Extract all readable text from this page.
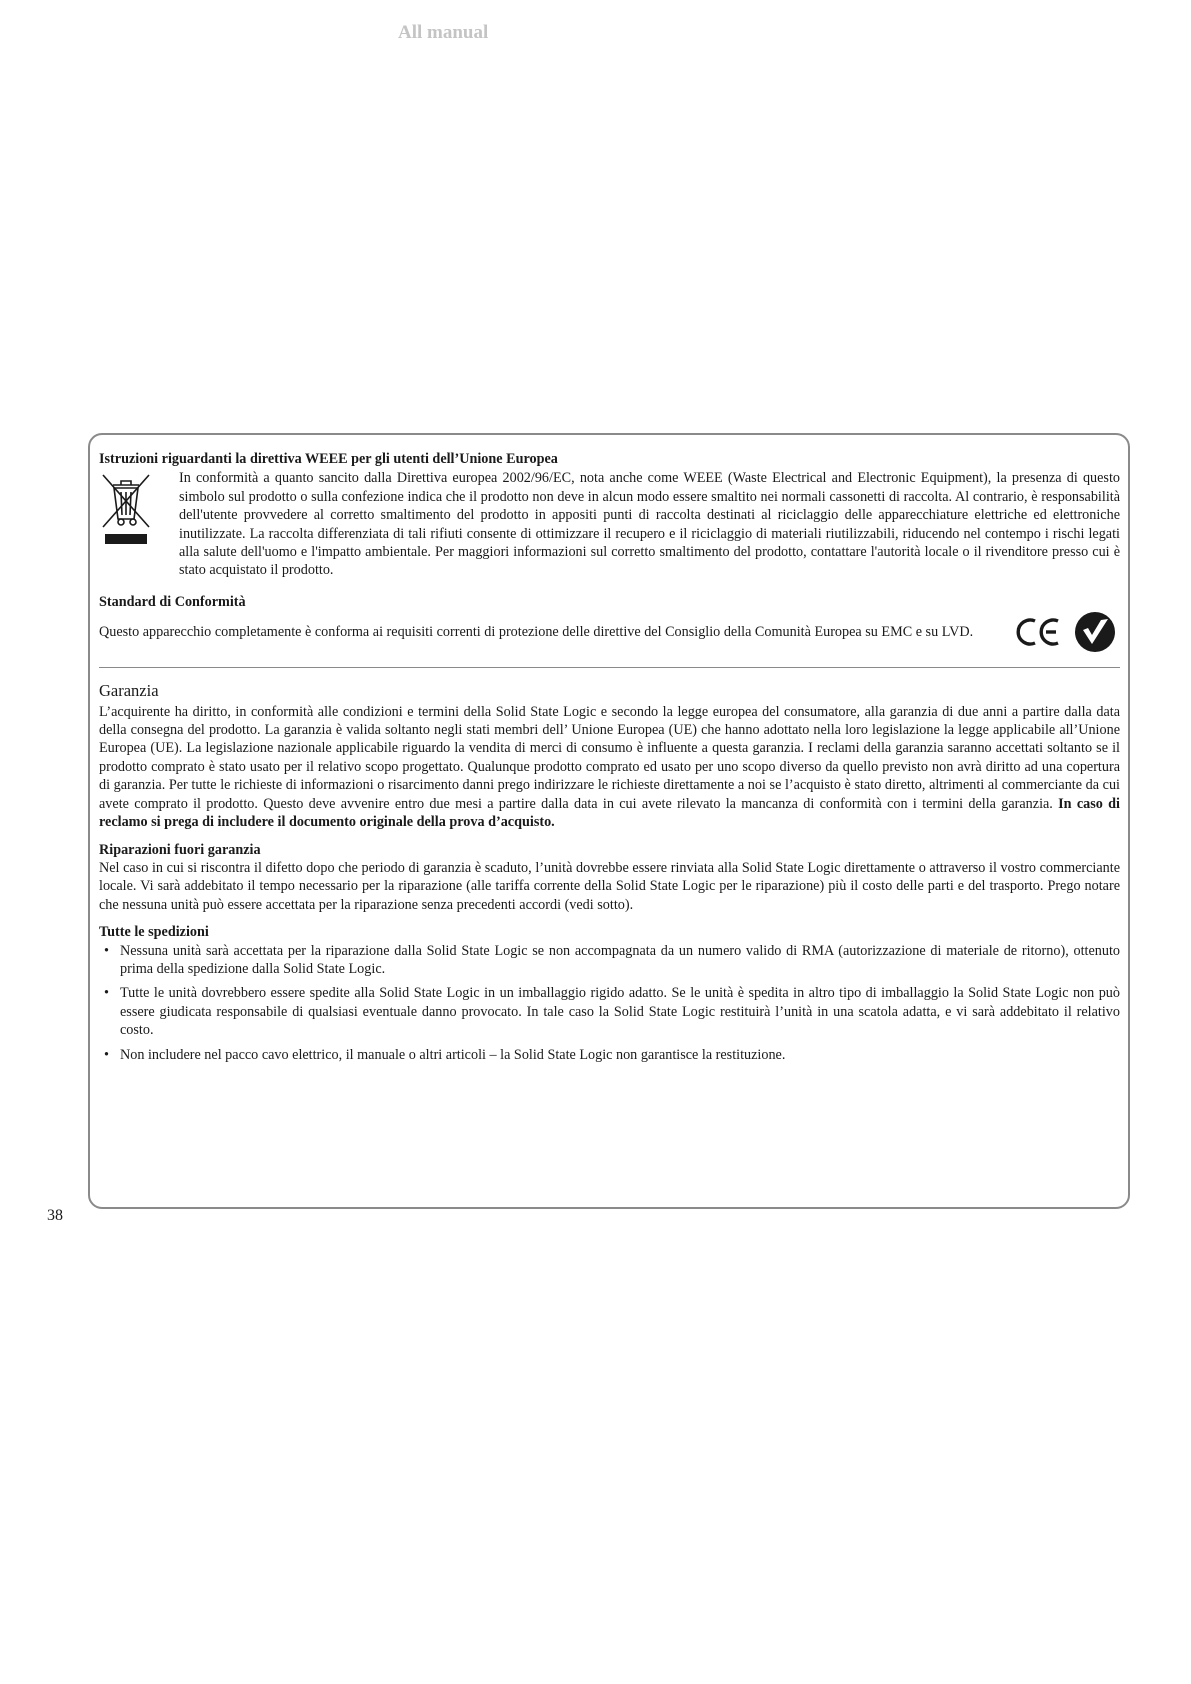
All manual

Istruzioni riguardanti la direttiva WEEE per gli utenti dell’Unione Europea

In conformità a quanto sancito dalla Direttiva europea 2002/96/EC, nota anche come WEEE (Waste Electrical and Electronic Equipment), la presenza di questo simbolo sul prodotto o sulla confezione indica che il prodotto non deve in alcun modo essere smaltito nei normali cassonetti di raccolta. Al contrario, è responsabilità dell'utente provvedere al corretto smaltimento del prodotto in appositi punti di raccolta destinati al riciclaggio delle apparecchiature elettriche ed elettroniche inutilizzate. La raccolta differenziata di tali rifiuti consente di ottimizzare il recupero e il riciclaggio di materiali riutilizzabili, riducendo nel contempo i rischi legati alla salute dell'uomo e l'impatto ambientale. Per maggiori informazioni sul corretto smaltimento del prodotto, contattare l'autorità locale o il rivenditore presso cui è stato acquistato il prodotto.

Standard di Conformità

Questo apparecchio completamente è conforma ai requisiti correnti di protezione delle direttive del Consiglio della Comunità Europea su EMC e su LVD.

Garanzia

L’acquirente ha diritto, in conformità alle condizioni e termini della Solid State Logic e secondo la legge europea del consumatore, alla garanzia di due anni a partire dalla data della consegna del prodotto. La garanzia è valida soltanto negli stati membri dell’ Unione Europea (UE) che hanno adottato nella loro legislazione la legge applicabile all’Unione Europea (UE). La legislazione nazionale applicabile riguardo la vendita di merci di consumo è influente a questa garanzia. I reclami della garanzia saranno accettati soltanto se il prodotto comprato è stato usato per il relativo scopo progettato. Qualunque prodotto comprato ed usato per uno scopo diverso da quello previsto non avrà diritto ad una copertura di garanzia. Per tutte le richieste di informazioni o risarcimento danni prego indirizzare le richieste direttamente a noi se l’acquisto è stato diretto, altrimenti al commerciante da cui avete comprato il prodotto. Questo deve avvenire entro due mesi a partire dalla data in cui avete rilevato la mancanza di conformità con i termini della garanzia. In caso di reclamo si prega di includere il documento originale della prova d’acquisto.

Riparazioni fuori garanzia

Nel caso in cui si riscontra il difetto dopo che periodo di garanzia è scaduto, l’unità dovrebbe essere rinviata alla Solid State Logic direttamente o attraverso il vostro commerciante locale. Vi sarà addebitato il tempo necessario per la riparazione (alle tariffa corrente della Solid State Logic per le riparazione) più il costo delle parti e del trasporto. Prego notare che nessuna unità può essere accettata per la riparazione senza precedenti accordi (vedi sotto).

Tutte le spedizioni

• Nessuna unità sarà accettata per la riparazione dalla Solid State Logic se non accompagnata da un numero valido di RMA (autorizzazione di materiale de ritorno), ottenuto prima della spedizione dalla Solid State Logic.
• Tutte le unità dovrebbero essere spedite alla Solid State Logic in un imballaggio rigido adatto. Se le unità è spedita in altro tipo di imballaggio la Solid State Logic non può essere giudicata responsabile di qualsiasi eventuale danno provocato. In tale caso la Solid State Logic restituirà l’unità in una scatola adatta, e vi sarà addebitato il relativo costo.
• Non includere nel pacco cavo elettrico, il manuale o altri articoli – la Solid State Logic non garantisce la restituzione.
38
